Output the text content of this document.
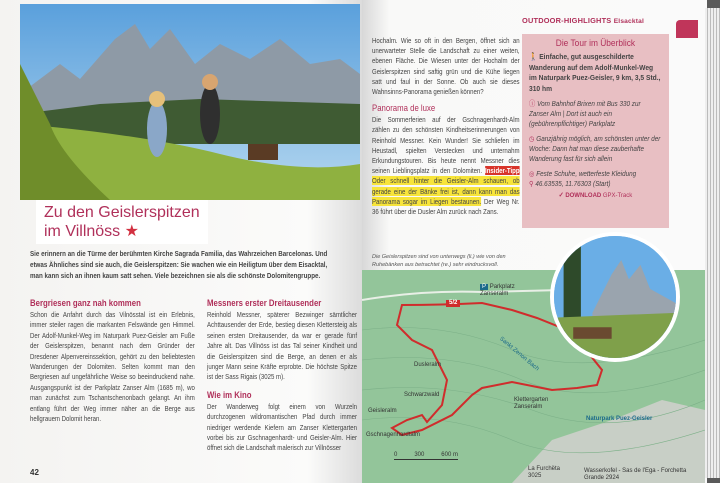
Zu den Geislerspitzen im Villnöss ★

Sie erinnern an die Türme der berühmten Kirche Sagrada Familia, das Wahrzeichen Barcelonas. Und etwas Ähnliches sind sie auch, die Geislerspitzen: Sie wachen wie ein Heiligtum über dem Eisacktal, man kann sich an ihnen kaum satt sehen. Viele bezeichnen sie als die schönste Dolomitengruppe.

Bergriesen ganz nah kommen

Schon die Anfahrt durch das Vilnösstal ist ein Erlebnis, immer steiler ragen die markanten Felswände gen Himmel. Der Adolf-Munkel-Weg im Naturpark Puez-Geisler am Fuße der Geislerspitzen, benannt nach dem Gründer der Dresdener Alpenvereinssektion, gehört zu den beliebtesten Wanderungen der Dolomiten. Selten kommt man den Bergriesen auf ungefährliche Weise so beeindruckend nahe. Ausgangspunkt ist der Parkplatz Zanser Alm (1685 m), wo man zunächst zum Tschantschenonbach gelangt. An ihm entlang führt der Weg immer näher an die Berge aus hellgrauem Dolomit heran.

Messners erster Dreitausender

Reinhold Messner, späterer Bezwinger sämtlicher Achttausender der Erde, bestieg diesen Klettersteig als seinen ersten Dreitausender, da war er gerade fünf Jahre alt. Das Villnöss ist das Tal seiner Kindheit und die Geislerspitzen sind die Berge, an denen er als junger Mann seine Kräfte erprobte. Die höchste Spitze ist der Sass Rigais (3025 m).

Wie im Kino

Der Wanderweg folgt einem von Wurzeln durchzogenen wildromantischen Pfad durch immer niedriger werdende Kiefern am Zanser Klettergarten vorbei bis zur Gschnagenhardt- und Geisler-Alm. Hier öffnet sich die Landschaft malerisch zur Villnösser

42

Hochalm. Wie so oft in den Bergen, öffnet sich an unerwarteter Stelle die Landschaft zu einer weiten, ebenen Fläche. Die Wiesen unter der Hochalm der Geislerspitzen sind saftig grün und die Kühe liegen satt und faul in der Sonne. Ob auch sie dieses Wahnsinns-Panorama genießen können?

Panorama de luxe

Die Sommerferien auf der Gschnagenhardt-Alm zählen zu den schönsten Kindheitserinnerungen von Reinhold Messner. Kein Wunder! Sie schliefen im Heustadl, spielten Verstecken und unternahm Erkundungstouren. Bis heute nennt Messner dies seinen Lieblingsplatz in den Dolomiten. Insider-Tipp Oder schnell hinter die Geisler-Alm schauen, ob gerade eine der Bänke frei ist, dann kann man das Panorama sogar im Liegen bestaunen. Der Weg Nr. 36 führt über die Dusler Alm zurück nach Zans.

OUTDOOR-HIGHLIGHTS Elsacktal
Die Tour im Überblick

🚶 Einfache, gut ausgeschilderte Wanderung auf dem Adolf-Munkel-Weg im Naturpark Puez-Geisler, 9 km, 3,5 Std., 310 hm

ⓘ Vom Bahnhof Brixen mit Bus 330 zur Zanser Alm | Dort ist auch ein (gebührenpflichtiger) Parkplatz

◷ Ganzjährig möglich, am schönsten unter der Woche: Dann hat man diese zauberhafte Wanderung fast für sich allein

◎ Feste Schuhe, wetterfeste Kleidung
⚲ 46.63535, 11.76303 (Start)

✓ DOWNLOAD GPX-Track
Die Geislerspitzen sind von unterwegs (li.) wie von den Ruhebänken aus betrachtet (re.) sehr eindrucksvoll.
5/2
P Parkplatz Zanseralm
Sankt Zenon Bach
Dusleralm
Schwarzwald
Geisleralm
Gschnagenhardtalm
Klettergarten Zanseralm
Naturpark Puez-Geisler
La Furchëta 3025
Wasserkofel - Sas de l'Ega - Forchetta Grande 2924
0	300	600 m
